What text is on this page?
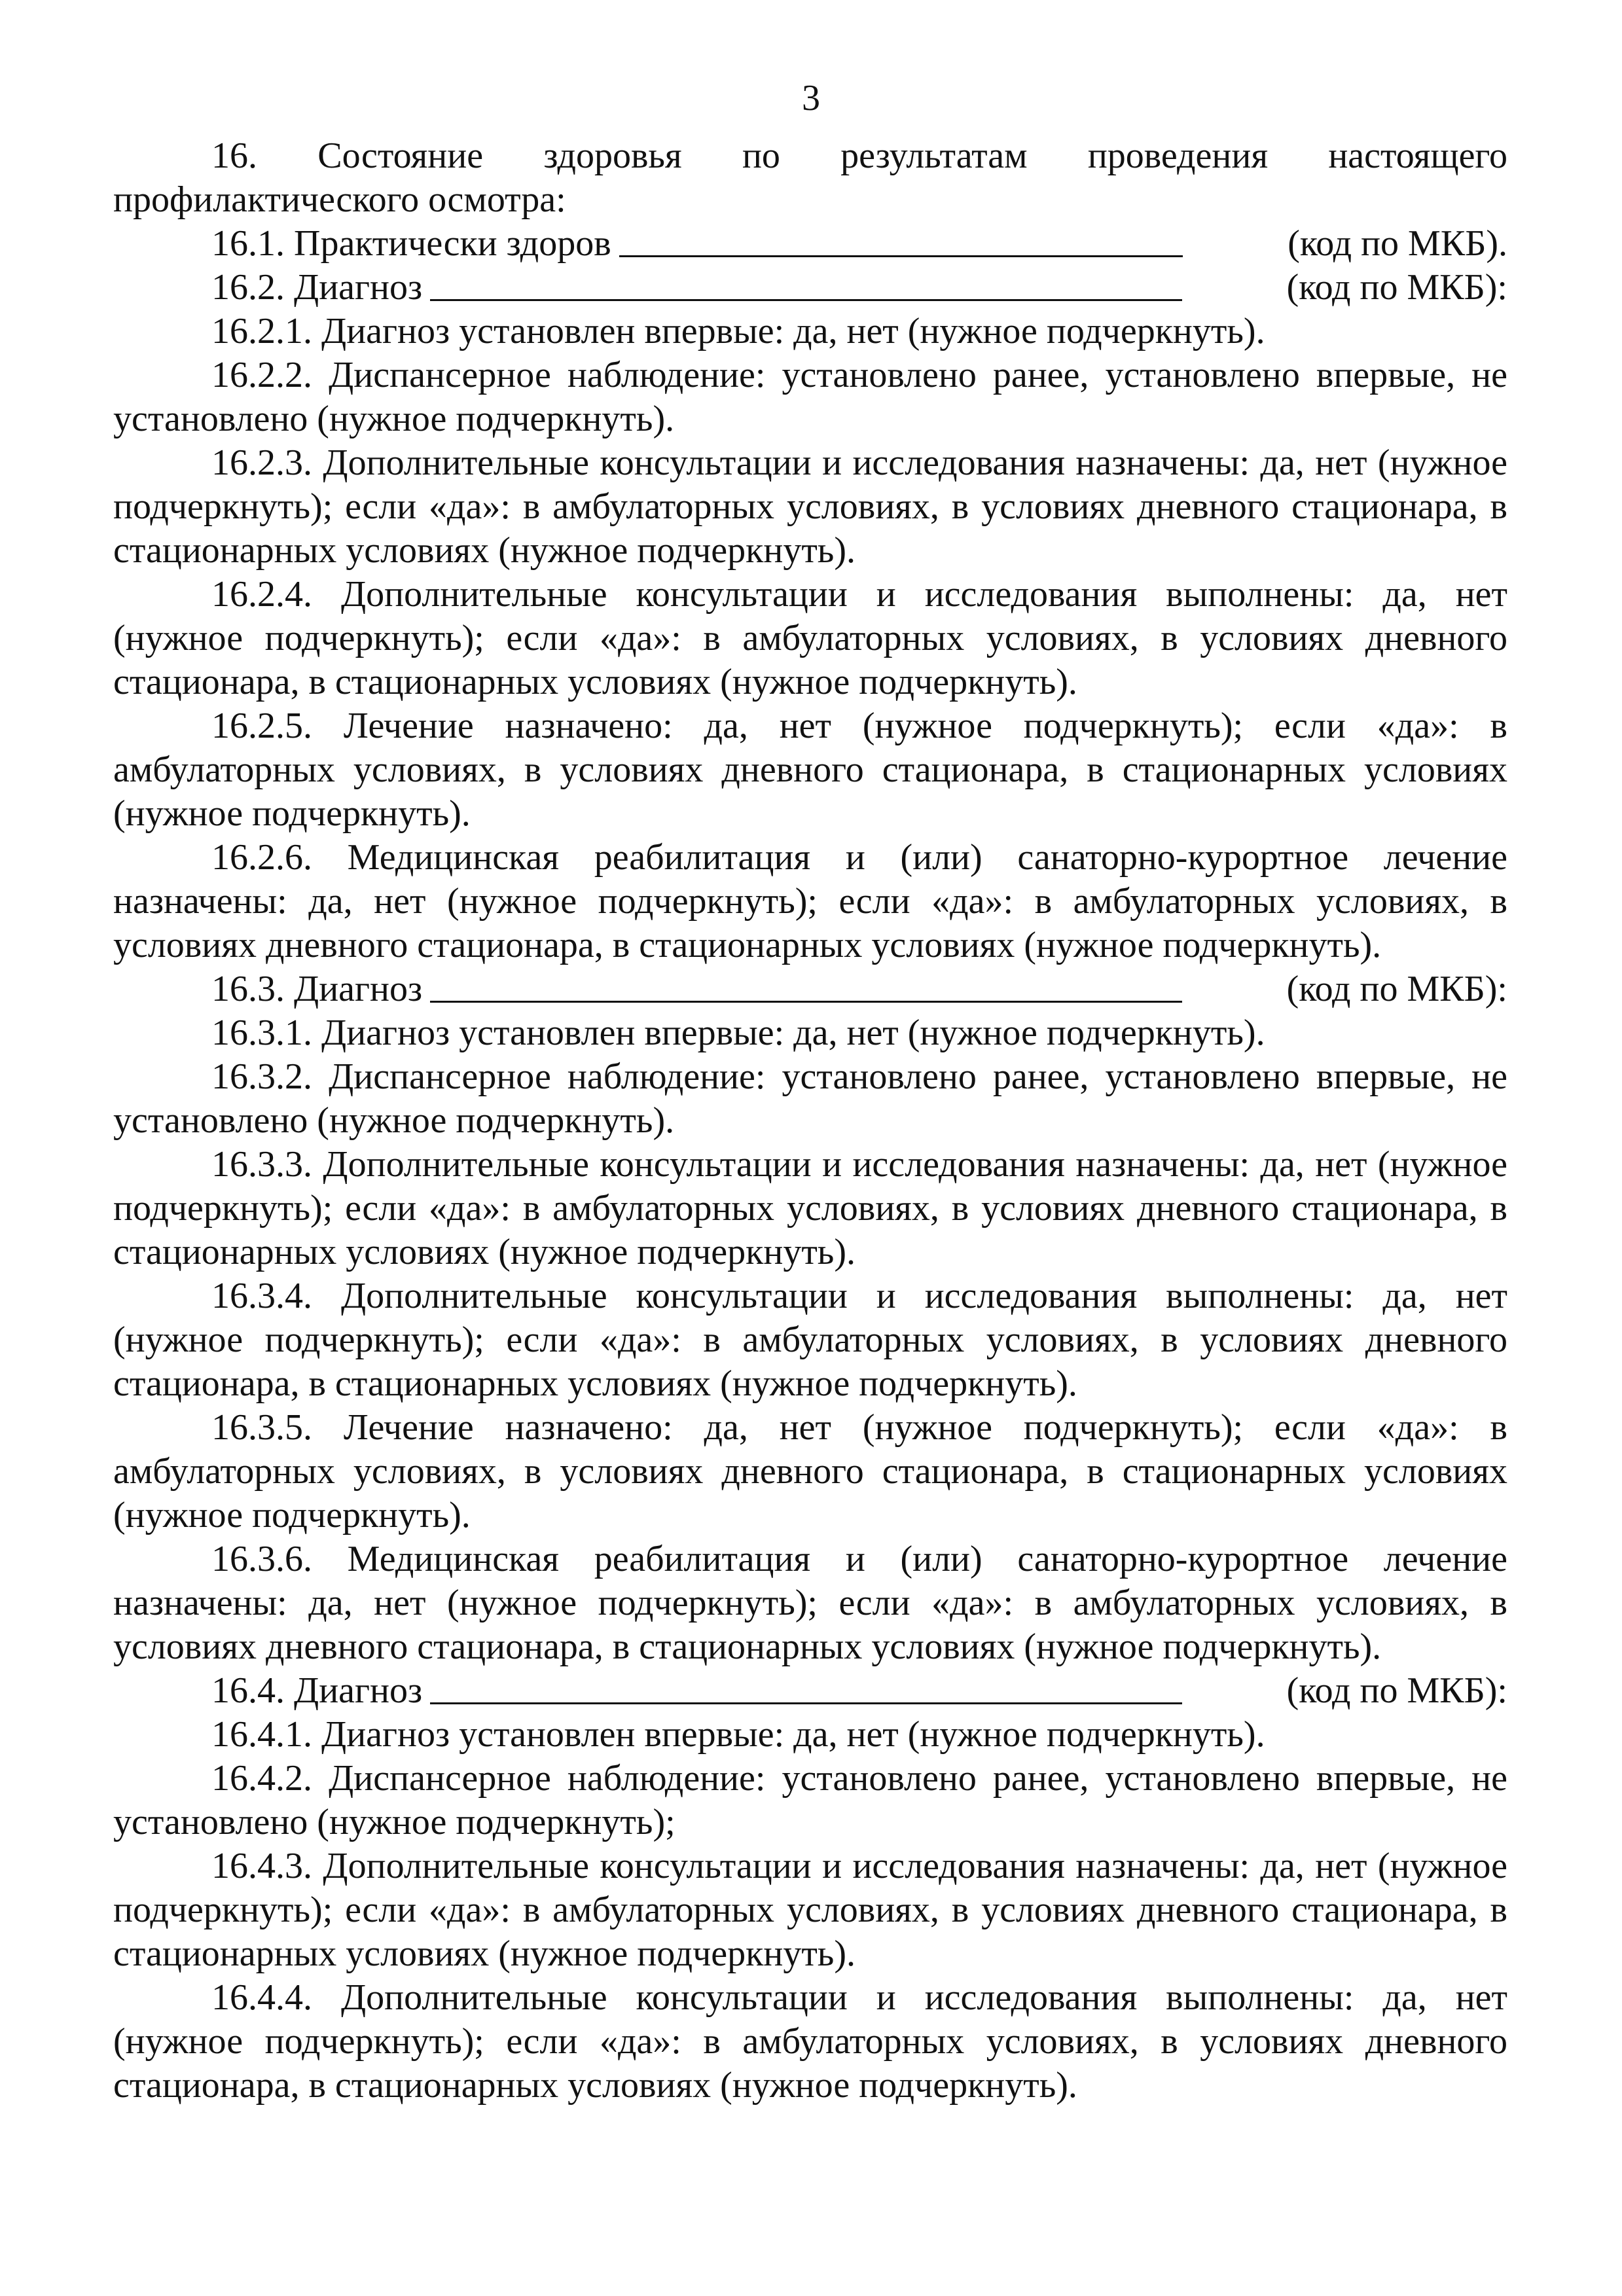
3

16. Состояние здоровья по результатам проведения настоящего профилактического осмотра:

16.1. Практически здоров	(код по МКБ).
16.2. Диагноз	(код по МКБ):

16.2.1. Диагноз установлен впервые: да, нет (нужное подчеркнуть).

16.2.2. Диспансерное наблюдение: установлено ранее, установлено впервые, не установлено (нужное подчеркнуть).

16.2.3. Дополнительные консультации и исследования назначены: да, нет (нужное подчеркнуть); если «да»: в амбулаторных условиях, в условиях дневного стационара, в стационарных условиях (нужное подчеркнуть).

16.2.4. Дополнительные консультации и исследования выполнены: да, нет (нужное подчеркнуть); если «да»: в амбулаторных условиях, в условиях дневного стационара, в стационарных условиях (нужное подчеркнуть).

16.2.5. Лечение назначено: да, нет (нужное подчеркнуть); если «да»: в амбулаторных условиях, в условиях дневного стационара, в стационарных условиях (нужное подчеркнуть).

16.2.6. Медицинская реабилитация и (или) санаторно-курортное лечение назначены: да, нет (нужное подчеркнуть); если «да»: в амбулаторных условиях, в условиях дневного стационара, в стационарных условиях (нужное подчеркнуть).

16.3. Диагноз	(код по МКБ):

16.3.1. Диагноз установлен впервые: да, нет (нужное подчеркнуть).

16.3.2. Диспансерное наблюдение: установлено ранее, установлено впервые, не установлено (нужное подчеркнуть).

16.3.3. Дополнительные консультации и исследования назначены: да, нет (нужное подчеркнуть); если «да»: в амбулаторных условиях, в условиях дневного стационара, в стационарных условиях (нужное подчеркнуть).

16.3.4. Дополнительные консультации и исследования выполнены: да, нет (нужное подчеркнуть); если «да»: в амбулаторных условиях, в условиях дневного стационара, в стационарных условиях (нужное подчеркнуть).

16.3.5. Лечение назначено: да, нет (нужное подчеркнуть); если «да»: в амбулаторных условиях, в условиях дневного стационара, в стационарных условиях (нужное подчеркнуть).

16.3.6. Медицинская реабилитация и (или) санаторно-курортное лечение назначены: да, нет (нужное подчеркнуть); если «да»: в амбулаторных условиях, в условиях дневного стационара, в стационарных условиях (нужное подчеркнуть).

16.4. Диагноз	(код по МКБ):

16.4.1. Диагноз установлен впервые: да, нет (нужное подчеркнуть).

16.4.2. Диспансерное наблюдение: установлено ранее, установлено впервые, не установлено (нужное подчеркнуть);

16.4.3. Дополнительные консультации и исследования назначены: да, нет (нужное подчеркнуть); если «да»: в амбулаторных условиях, в условиях дневного стационара, в стационарных условиях (нужное подчеркнуть).

16.4.4. Дополнительные консультации и исследования выполнены: да, нет (нужное подчеркнуть); если «да»: в амбулаторных условиях, в условиях дневного стационара, в стационарных условиях (нужное подчеркнуть).
